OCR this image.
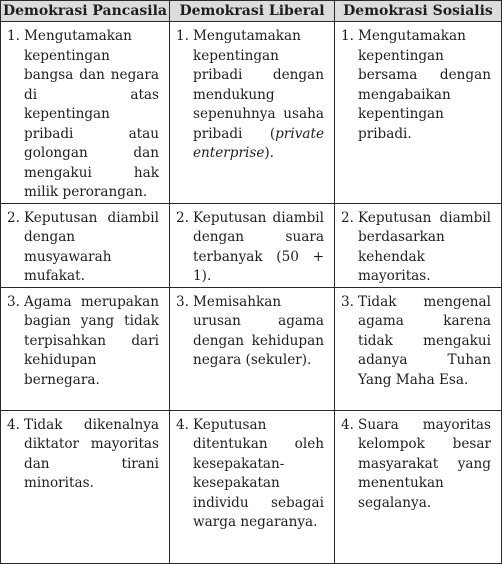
Demokrasi Pancasila	Demokrasi Liberal	Demokrasi Sosialis

1. Mengutamakan kepentingan bangsa dan negara di atas kepentingan pribadi atau golongan dan mengakui hak milik perorangan.	1. Mengutamakan kepentingan pribadi dengan mendukung sepenuhnya usaha pribadi (private enterprise).	1. Mengutamakan kepentingan bersama dengan mengabaikan kepentingan pribadi.

2. Keputusan diambil dengan musyawarah mufakat.	2. Keputusan diambil dengan suara terbanyak (50 + 1).	2. Keputusan diambil berdasarkan kehendak mayoritas.

3. Agama merupakan bagian yang tidak terpisahkan dari kehidupan bernegara.	3. Memisahkan urusan agama dengan kehidupan negara (sekuler).	3. Tidak mengenal agama karena tidak mengakui adanya Tuhan Yang Maha Esa.

4. Tidak dikenalnya diktator mayoritas dan tirani minoritas.	4. Keputusan ditentukan oleh kesepakatan-kesepakatan individu sebagai warga negaranya.	4. Suara mayoritas kelompok besar masyarakat yang menentukan segalanya.
